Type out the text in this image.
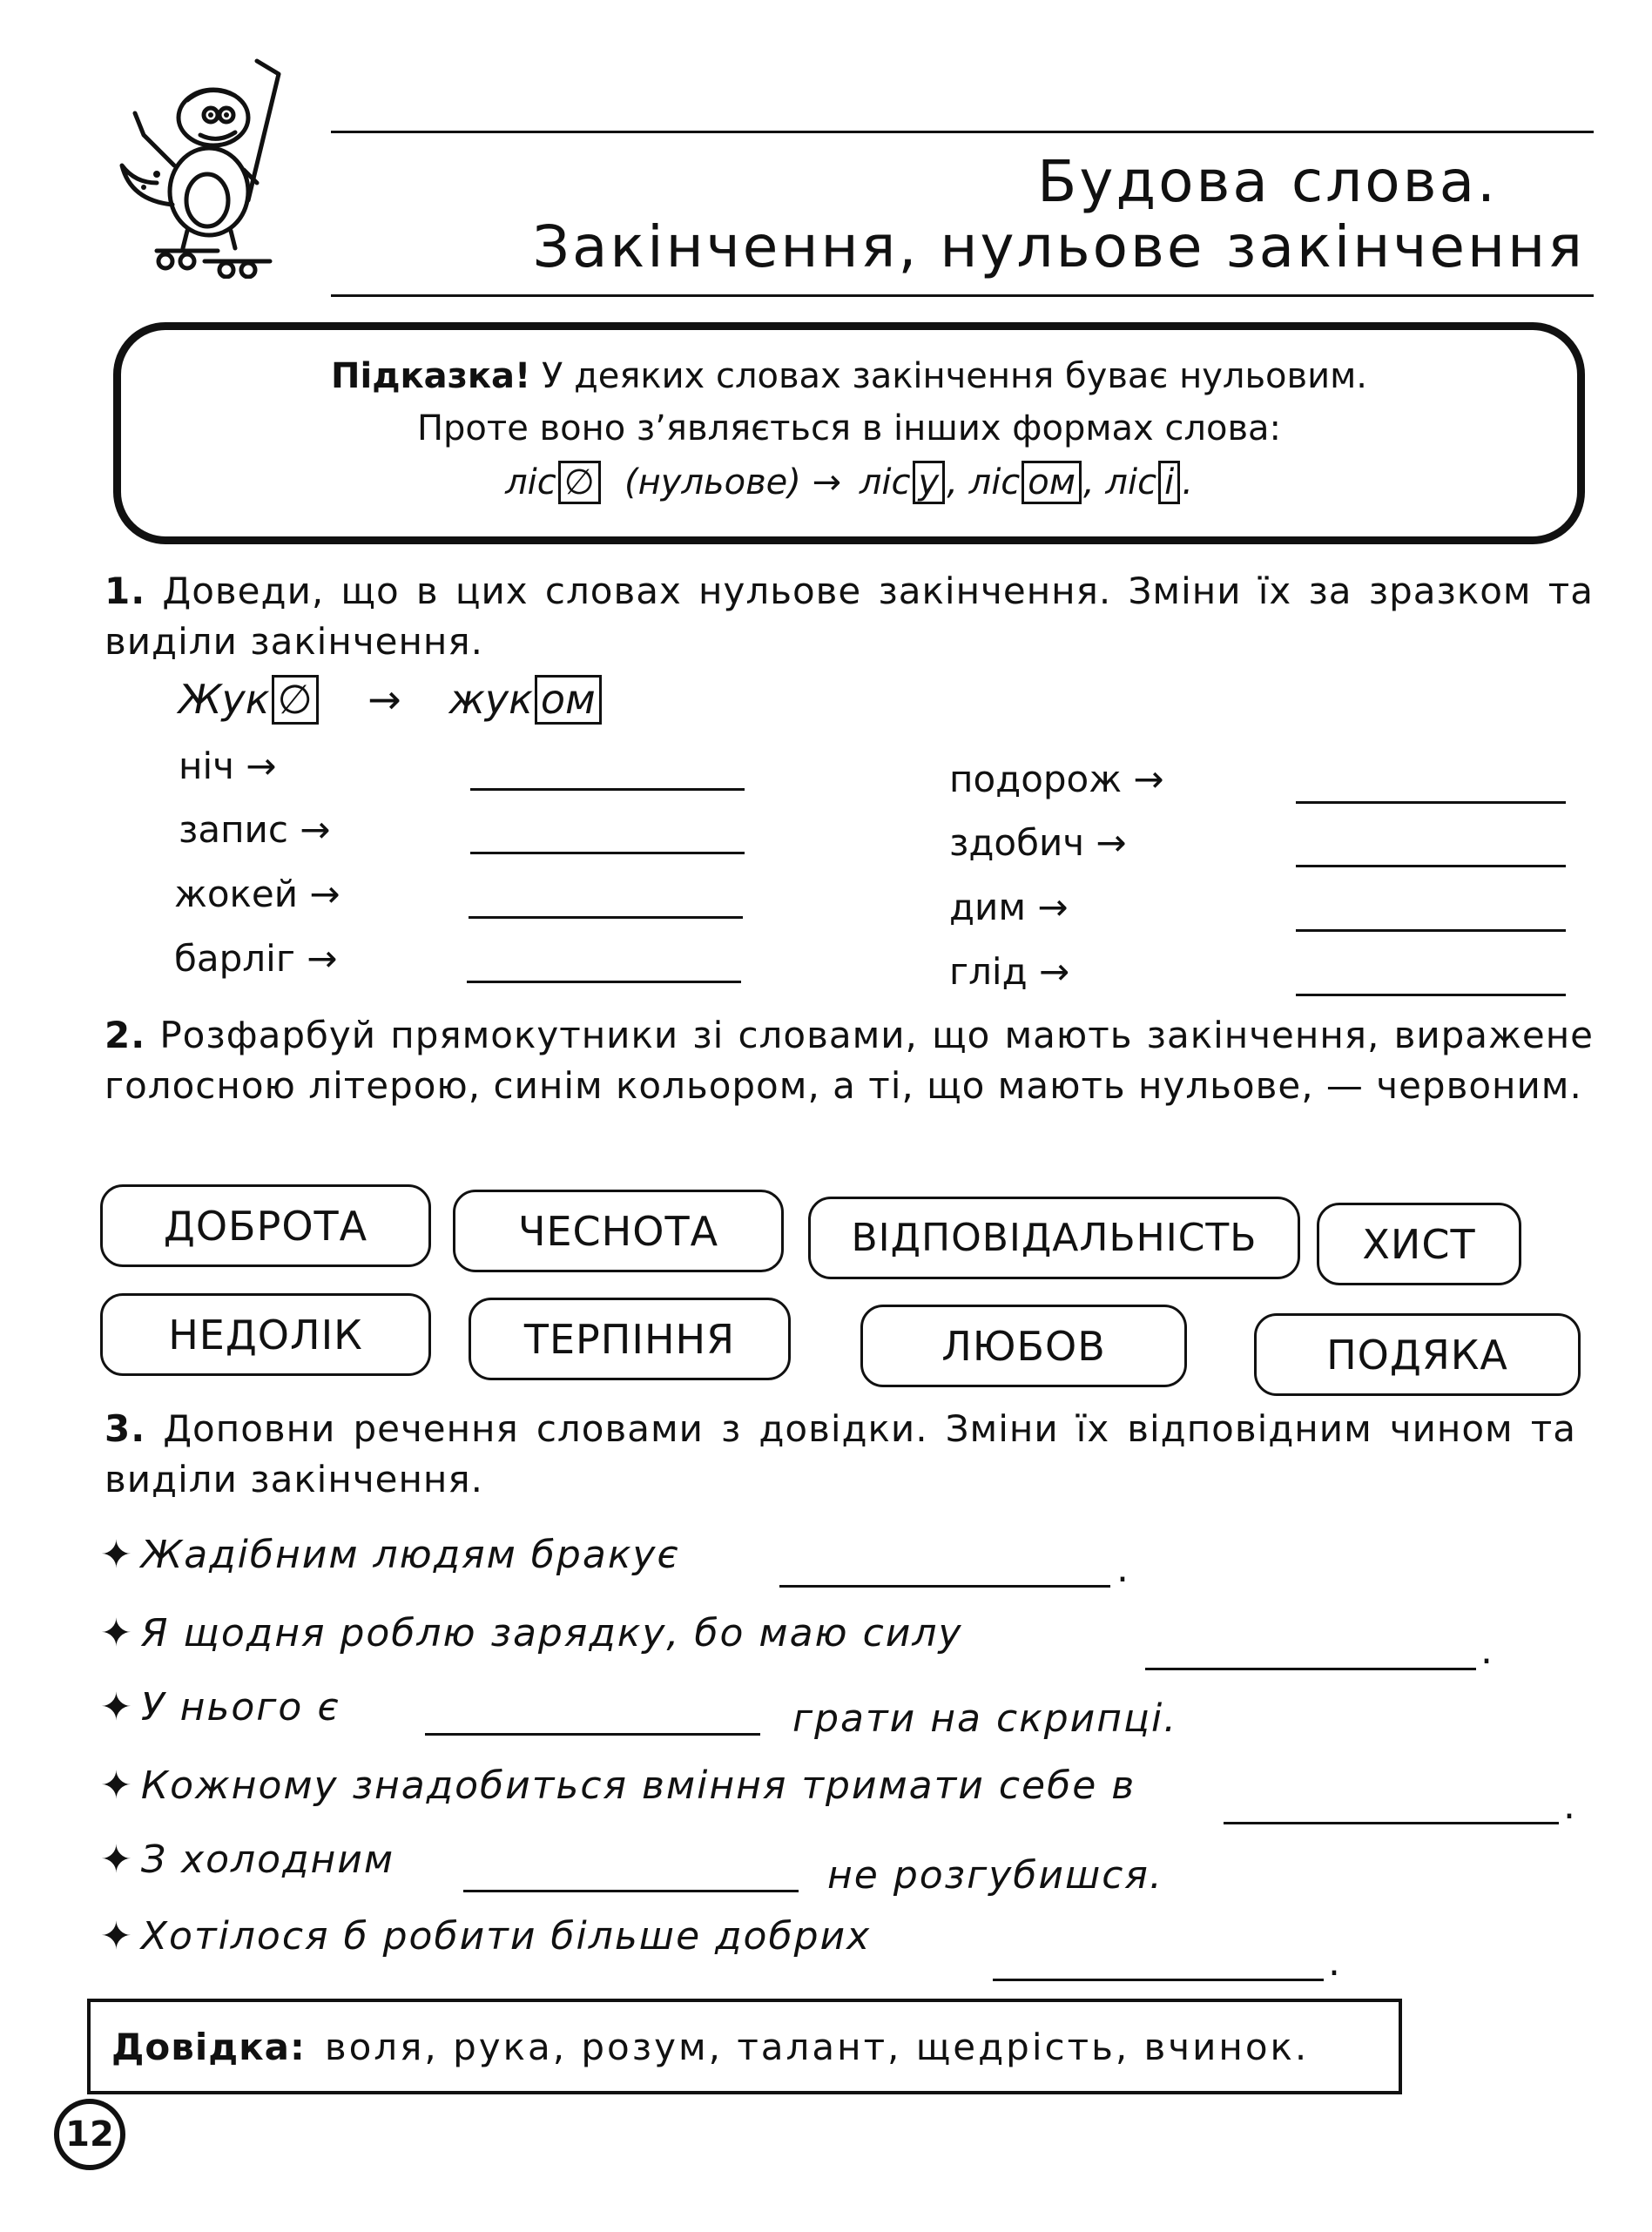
Будова слова.
Закінчення, нульове закінчення
Підказка! У деяких словах закінчення буває нульовим.
Проте воно з’являється в інших формах слова:
ліс ∅ (нульове) → ліс у , ліс ом , ліс і .
1. Доведи, що в цих словах нульове закінчення. Зміни їх за зразком та виділи закінчення.
Жук ∅ → жук ом
ніч →
запис →
жокей →
барліг →
подорож →
здобич →
дим →
глід →
2. Розфарбуй прямокутники зі словами, що мають закінчення, виражене голосною літерою, синім кольором, а ті, що мають нульове, — червоним.
ДОБРОТА	ЧЕСНОТА	ВІДПОВІДАЛЬНІСТЬ	ХИСТ
НЕДОЛІК	ТЕРПІННЯ	ЛЮБОВ	ПОДЯКА
3. Доповни речення словами з довідки. Зміни їх відповідним чином та виділи закінчення.
✦ Жадібним людям бракує	.
✦ Я щодня роблю зарядку, бо маю силу	.
✦ У нього є	грати на скрипці.
✦ Кожному знадобиться вміння тримати себе в	.
✦ З холодним	не розгубишся.
✦ Хотілося б робити більше добрих
.
Довідка: воля, рука, розум, талант, щедрість, вчинок.
12
